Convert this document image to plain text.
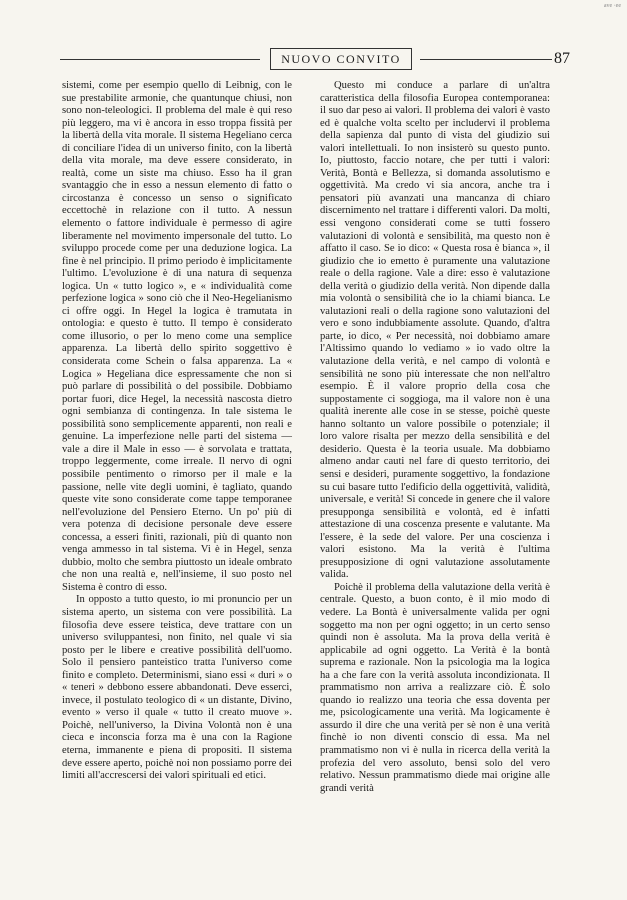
ave ·ee
NUOVO CONVITO	87

sistemi, come per esempio quello di Leibnig, con le sue prestabilite armonie, che quantunque chiusi, non sono non-teleologici. Il problema del male è qui reso più leggero, ma vi è ancora in esso troppa fissità per la libertà della vita morale. Il sistema Hegeliano cerca di conciliare l'idea di un universo finito, con la libertà della vita morale, ma deve essere considerato, in realtà, come un siste ma chiuso. Esso ha il gran svantaggio che in esso a nessun elemento di fatto o circostanza è concesso un senso o significato eccettochè in relazione con il tutto. A nessun elemento o fattore individuale è permesso di agire liberamente nel movimento impersonale del tutto. Lo sviluppo procede come per una deduzione logica. La fine è nel principio. Il primo periodo è implicitamente l'ultimo. L'evoluzione è di una natura di sequenza logica. Un « tutto logico », e « individualità come perfezione logica » sono ciò che il Neo-Hegelianismo ci offre oggi. In Hegel la logica è tramutata in ontologia: e questo è tutto. Il tempo è considerato come illusorio, o per lo meno come una semplice apparenza. La libertà dello spirito soggettivo è considerata come Schein o falsa apparenza. La « Logica » Hegeliana dice espressamente che non si può parlare di possibilità o del possibile. Dobbiamo portar fuori, dice Hegel, la necessità nascosta dietro ogni sembianza di contingenza. In tale sistema le possibilità sono semplicemente apparenti, non reali e genuine. La imperfezione nelle parti del sistema — vale a dire il Male in esso — è sorvolata e trattata, troppo leggermente, come irreale. Il nervo di ogni possibile pentimento o rimorso per il male e la passione, nelle vite degli uomini, è tagliato, quando queste vite sono considerate come tappe temporanee nell'evoluzione del Pensiero Eterno. Un po' più di vera potenza di decisione personale deve essere concessa, a esseri finiti, razionali, più di quanto non venga ammesso in tal sistema. Vi è in Hegel, senza dubbio, molto che sembra piuttosto un ideale ombrato che non una realtà e, nell'insieme, il suo posto nel Sistema è contro di esso.

In opposto a tutto questo, io mi pronuncio per un sistema aperto, un sistema con vere possibilità. La filosofia deve essere teistica, deve trattare con un universo sviluppantesi, non finito, nel quale vi sia posto per le libere e creative possibilità dell'uomo. Solo il pensiero panteistico tratta l'universo come finito e completo. Determinismi, siano essi « duri » o « teneri » debbono essere abbandonati. Deve esserci, invece, il postulato teologico di « un distante, Divino, evento » verso il quale « tutto il creato muove ». Poichè, nell'universo, la Divina Volontà non è una cieca e inconscia forza ma è una con la Ragione eterna, immanente e piena di propositi. Il sistema deve essere aperto, poichè noi non possiamo porre dei limiti all'accrescersi dei valori spirituali ed etici.

Questo mi conduce a parlare di un'altra caratteristica della filosofia Europea contemporanea: il suo dar peso ai valori. Il problema dei valori è vasto ed è qualche volta scelto per includervi il problema della sapienza dal punto di vista del giudizio sui valori intellettuali. Io non insisterò su questo punto. Io, piuttosto, faccio notare, che per tutti i valori: Verità, Bontà e Bellezza, si domanda assolutismo e oggettività. Ma credo vi sia ancora, anche tra i pensatori più avanzati una mancanza di chiaro discernimento nel trattare i differenti valori. Da molti, essi vengono considerati come se tutti fossero valutazioni di volontà e sensibilità, ma questo non è affatto il caso. Se io dico: « Questa rosa è bianca », il giudizio che io emetto è puramente una valutazione reale o della ragione. Vale a dire: esso è valutazione della verità o giudizio della verità. Non dipende dalla mia volontà o sensibilità che io la chiami bianca. Le valutazioni reali o della ragione sono valutazioni del vero e sono indubbiamente assolute. Quando, d'altra parte, io dico, « Per necessità, noi dobbiamo amare l'Altissimo quando lo vediamo » io vado oltre la valutazione della verità, e nel campo di volontà e sensibilità ne sono più interessate che non nell'altro esempio. È il valore proprio della cosa che suppostamente ci soggioga, ma il valore non è una qualità inerente alle cose in se stesse, poichè queste hanno soltanto un valore possibile o potenziale; il loro valore risalta per mezzo della sensibilità e del desiderio. Questa è la teoria usuale. Ma dobbiamo almeno andar cauti nel fare di questo territorio, dei sensi e desideri, puramente soggettivo, la fondazione su cui basare tutto l'edificio della oggettività, validità, universale, e verità! Si concede in genere che il valore presupponga sensibilità e volontà, ed è infatti attestazione di una coscenza presente e valutante. Ma l'essere, è la sede del valore. Per una coscienza i valori esistono. Ma la verità è l'ultima presupposizione di ogni valutazione assolutamente valida.

Poichè il problema della valutazione della verità è centrale. Questo, a buon conto, è il mio modo di vedere. La Bontà è universalmente valida per ogni soggetto ma non per ogni oggetto; in un certo senso quindi non è assoluta. Ma la prova della verità è applicabile ad ogni oggetto. La Verità è la bontà suprema e razionale. Non la psicologia ma la logica ha a che fare con la verità assoluta incondizionata. Il prammatismo non arriva a realizzare ciò. È solo quando io realizzo una teoria che essa doventa per me, psicologicamente una verità. Ma logicamente è assurdo il dire che una verità per sè non è una verità finchè io non diventi conscio di essa. Ma nel prammatismo non vi è nulla in ricerca della verità la profezia del vero assoluto, bensì solo del vero relativo. Nessun prammatismo diede mai origine alle grandi verità
